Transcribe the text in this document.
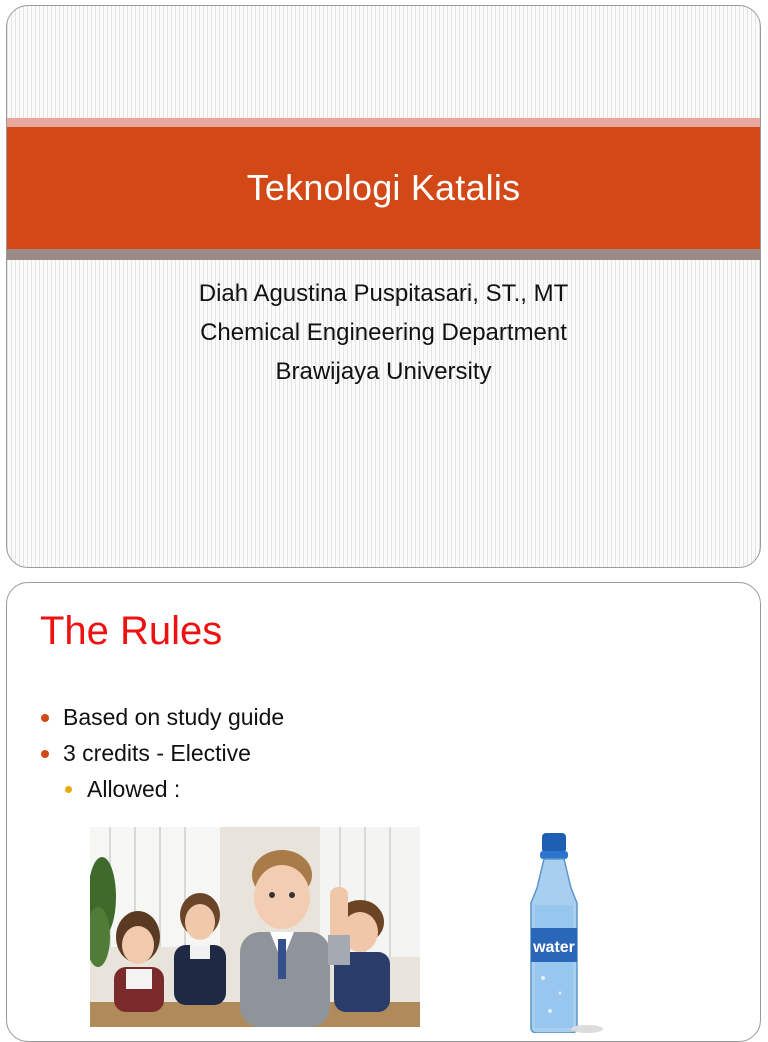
Teknologi Katalis
Diah Agustina Puspitasari, ST., MT
Chemical Engineering Department
Brawijaya University
The Rules
Based on study guide
3 credits - Elective
Allowed :
water
